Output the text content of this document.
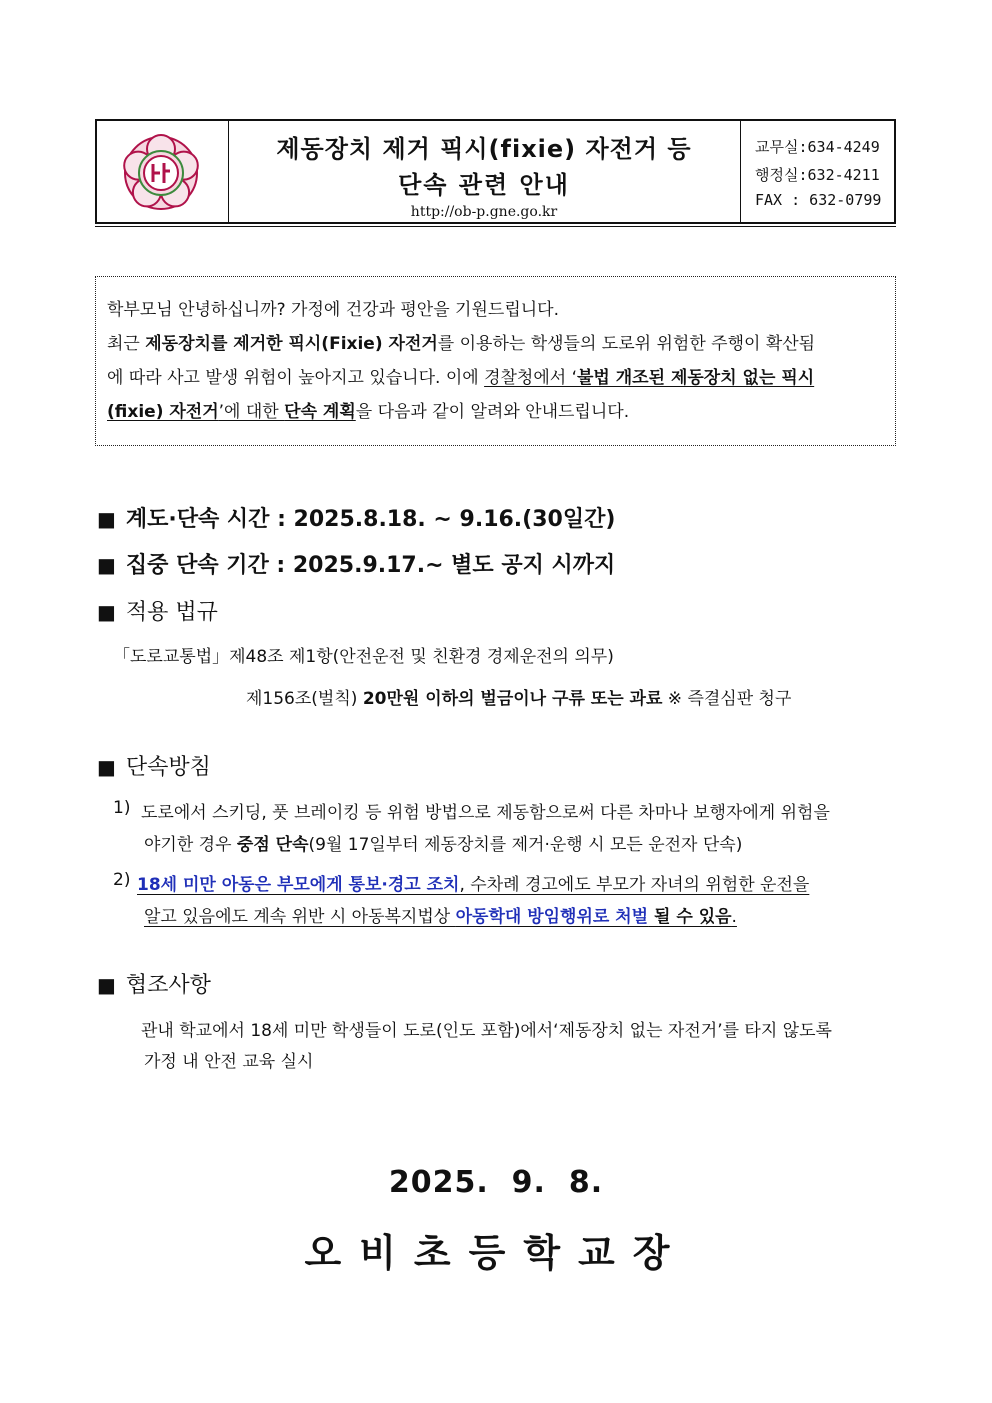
제동장치 제거 픽시(fixie) 자전거 등
단속 관련 안내
http://ob-p.gne.go.kr
교무실:634-4249
행정실:632-4211
FAX : 632-0799
학부모님 안녕하십니까? 가정에 건강과 평안을 기원드립니다.
최근 제동장치를 제거한 픽시(Fixie) 자전거를 이용하는 학생들의 도로위 위험한 주행이 확산됨
에 따라 사고 발생 위험이 높아지고 있습니다. 이에 경찰청에서 ‘불법 개조된 제동장치 없는 픽시
(fixie) 자전거’에 대한 단속 계획을 다음과 같이 알려와 안내드립니다.
■ 계도·단속 시간 : 2025.8.18. ~ 9.16.(30일간)
■ 집중 단속 기간 : 2025.9.17.~ 별도 공지 시까지
■ 적용 법규
「도로교통법」제48조 제1항(안전운전 및 친환경 경제운전의 의무)
제156조(벌칙) 20만원 이하의 벌금이나 구류 또는 과료 ※ 즉결심판 청구
■ 단속방침
1) 도로에서 스키딩, 풋 브레이킹 등 위험 방법으로 제동함으로써 다른 차마나 보행자에게 위험을
야기한 경우 중점 단속(9월 17일부터 제동장치를 제거·운행 시 모든 운전자 단속)
2) 18세 미만 아동은 부모에게 통보·경고 조치, 수차례 경고에도 부모가 자녀의 위험한 운전을
알고 있음에도 계속 위반 시 아동복지법상 아동학대 방임행위로 처벌 될 수 있음.
■ 협조사항
관내 학교에서 18세 미만 학생들이 도로(인도 포함)에서‘제동장치 없는 자전거’를 타지 않도록
가정 내 안전 교육 실시
2025.  9.  8.
오비초등학교장
